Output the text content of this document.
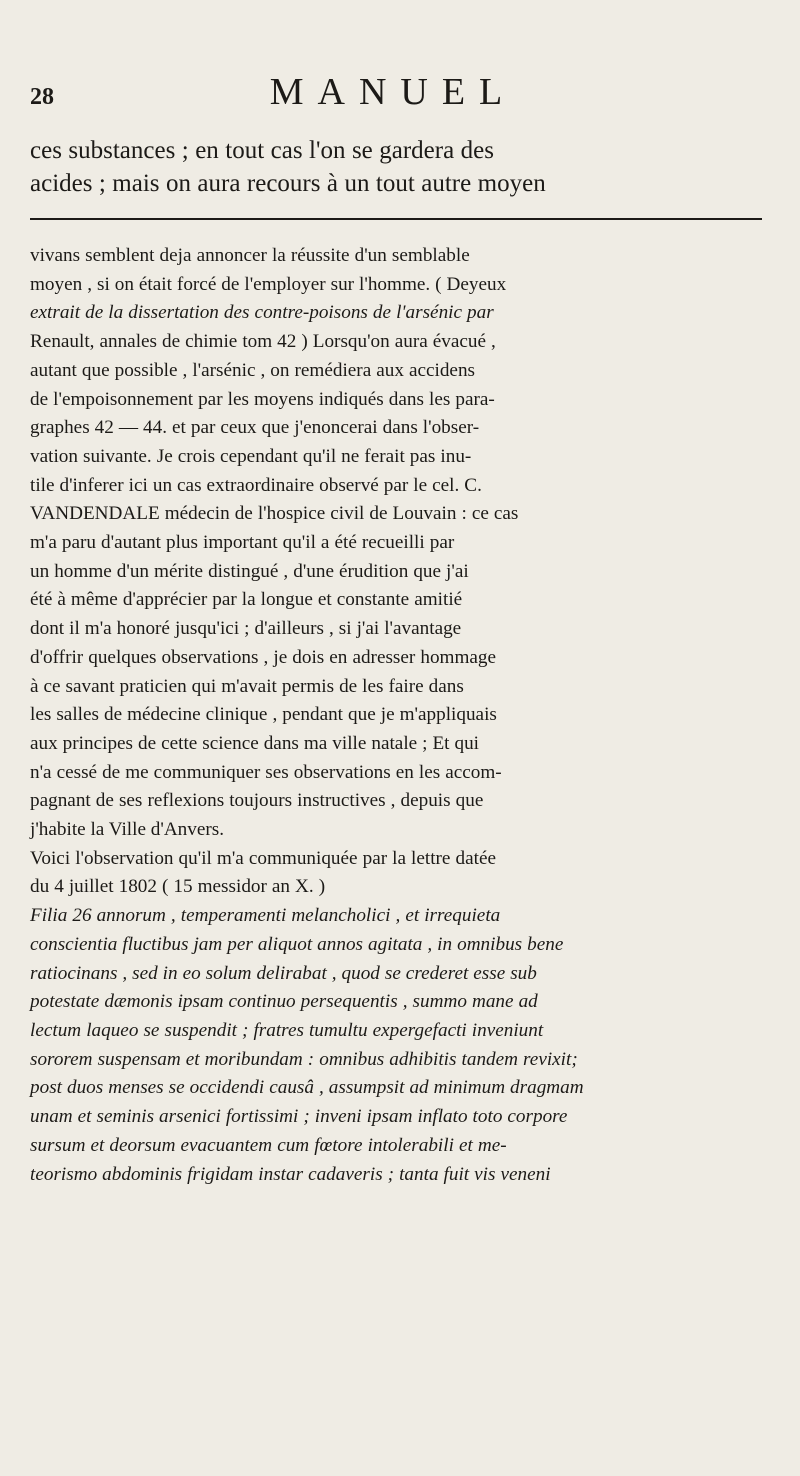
28	MANUEL

ces substances ; en tout cas l'on se gardera des

acides ; mais on aura recours à un tout autre moyen

vivans semblent deja annoncer la réussite d'un semblable

moyen , si on était forcé de l'employer sur l'homme. ( Deyeux

extrait de la dissertation des contre-poisons de l'arsénic par

Renault, annales de chimie tom 42 ) Lorsqu'on aura évacué ,

autant que possible , l'arsénic , on remédiera aux accidens

de l'empoisonnement par les moyens indiqués dans les para-

graphes 42 — 44. et par ceux que j'enoncerai dans l'obser-

vation suivante. Je crois cependant qu'il ne ferait pas inu-

tile d'inferer ici un cas extraordinaire observé par le cel. C.

VANDENDALE médecin de l'hospice civil de Louvain : ce cas

m'a paru d'autant plus important qu'il a été recueilli par

un homme d'un mérite distingué , d'une érudition que j'ai

été à même d'apprécier par la longue et constante amitié

dont il m'a honoré jusqu'ici ; d'ailleurs , si j'ai l'avantage

d'offrir quelques observations , je dois en adresser hommage

à ce savant praticien qui m'avait permis de les faire dans

les salles de médecine clinique , pendant que je m'appliquais

aux principes de cette science dans ma ville natale ; Et qui

n'a cessé de me communiquer ses observations en les accom-

pagnant de ses reflexions toujours instructives , depuis que

j'habite la Ville d'Anvers.

Voici l'observation qu'il m'a communiquée par la lettre datée

du 4 juillet 1802 ( 15 messidor an X. )

Filia 26 annorum , temperamenti melancholici , et irrequieta

conscientia fluctibus jam per aliquot annos agitata , in omnibus bene

ratiocinans , sed in eo solum delirabat , quod se crederet esse sub

potestate dæmonis ipsam continuo persequentis , summo mane ad

lectum laqueo se suspendit ; fratres tumultu expergefacti inveniunt

sororem suspensam et moribundam : omnibus adhibitis tandem revixit;

post duos menses se occidendi causâ , assumpsit ad minimum dragmam

unam et seminis arsenici fortissimi ; inveni ipsam inflato toto corpore

sursum et deorsum evacuantem cum fœtore intolerabili et me-

teorismo abdominis frigidam instar cadaveris ; tanta fuit vis veneni
